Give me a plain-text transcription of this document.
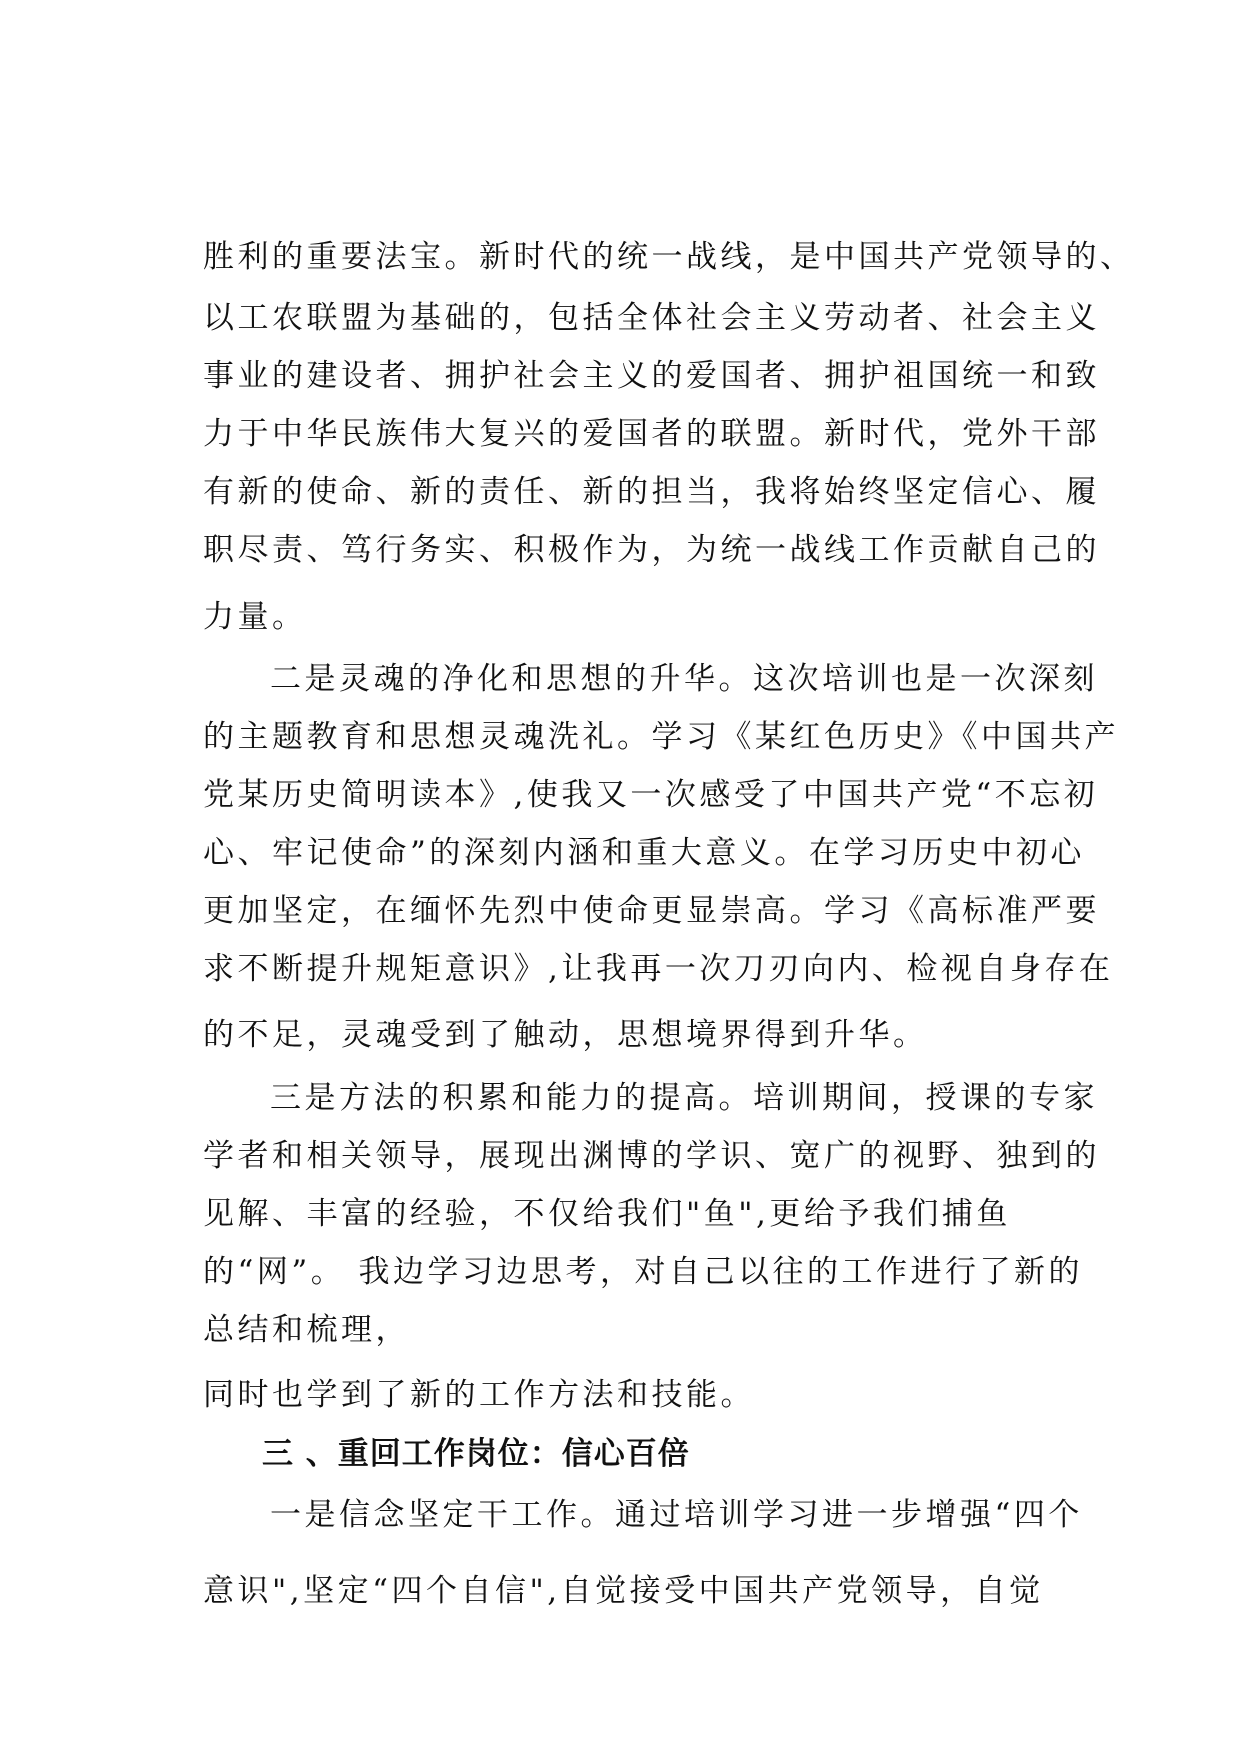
胜利的重要法宝。新时代的统一战线，是中国共产党领导的、
以工农联盟为基础的，包括全体社会主义劳动者、社会主义
事业的建设者、拥护社会主义的爱国者、拥护祖国统一和致
力于中华民族伟大复兴的爱国者的联盟。新时代，党外干部
有新的使命、新的责任、新的担当，我将始终坚定信心、履
职尽责、笃行务实、积极作为，为统一战线工作贡献自己的
力量。
二是灵魂的净化和思想的升华。这次培训也是一次深刻
的主题教育和思想灵魂洗礼。学习《某红色历史》《中国共产
党某历史简明读本》,使我又一次感受了中国共产党“不忘初
心、牢记使命”的深刻内涵和重大意义。在学习历史中初心
更加坚定，在缅怀先烈中使命更显崇高。学习《高标准严要
求不断提升规矩意识》,让我再一次刀刃向内、检视自身存在
的不足，灵魂受到了触动，思想境界得到升华。
三是方法的积累和能力的提高。培训期间，授课的专家
学者和相关领导，展现出渊博的学识、宽广的视野、独到的
见解、丰富的经验，不仅给我们"鱼",更给予我们捕鱼
的“网”。 我边学习边思考，对自己以往的工作进行了新的
总结和梳理，
同时也学到了新的工作方法和技能。
三 、重回工作岗位：信心百倍
一是信念坚定干工作。通过培训学习进一步增强“四个
意识",坚定“四个自信",自觉接受中国共产党领导，自觉
